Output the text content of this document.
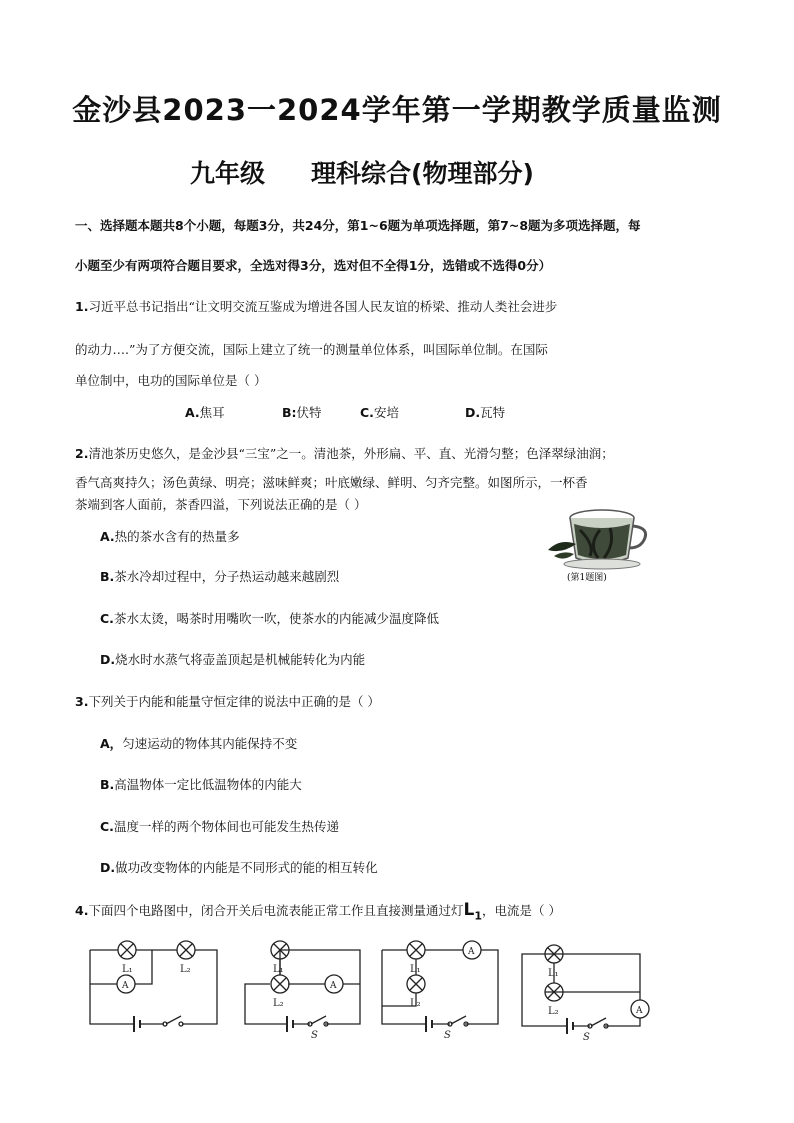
金沙县2023一2024学年第一学期教学质量监测
九年级 理科综合(物理部分)
一、选择题本题共8个小题，每题3分，共24分，第1~6题为单项选择题，第7~8题为多项选择题，每
小题至少有两项符合题目要求，全选对得3分，选对但不全得1分，选错或不选得0分）
1.习近平总书记指出“让文明交流互鉴成为增进各国人民友谊的桥梁、推动人类社会进步
的动力….”为了方便交流，国际上建立了统一的测量单位体系，叫国际单位制。在国际
单位制中，电功的国际单位是（ ）
A.焦耳	B:伏特	C.安培	D.瓦特
2.清池茶历史悠久，是金沙县“三宝”之一。清池茶，外形扁、平、直、光滑匀整；色泽翠绿油润；
香气高爽持久；汤色黄绿、明亮；滋味鲜爽；叶底嫩绿、鲜明、匀齐完整。如图所示，一杯香
茶端到客人面前，茶香四溢，下列说法正确的是（ ）
(第1题图)
A.热的茶水含有的热量多
B.茶水冷却过程中，分子热运动越来越剧烈
C.茶水太烫，喝茶时用嘴吹一吹，使茶水的内能减少温度降低
D.烧水时水蒸气将壶盖顶起是机械能转化为内能
3.下列关于内能和能量守恒定律的说法中正确的是（ ）
A，匀速运动的物体其内能保持不变
B.高温物体一定比低温物体的内能大
C.温度一样的两个物体间也可能发生热传递
D.做功改变物体的内能是不同形式的能的相互转化
4.下面四个电路图中，闭合开关后电流表能正常工作且直接测量通过灯$L_1$，电流是（ ）
L₁	L₂
A
L₁
L₂
A
S
L₁
L₂
A
S
L₁
L₂	A
S
